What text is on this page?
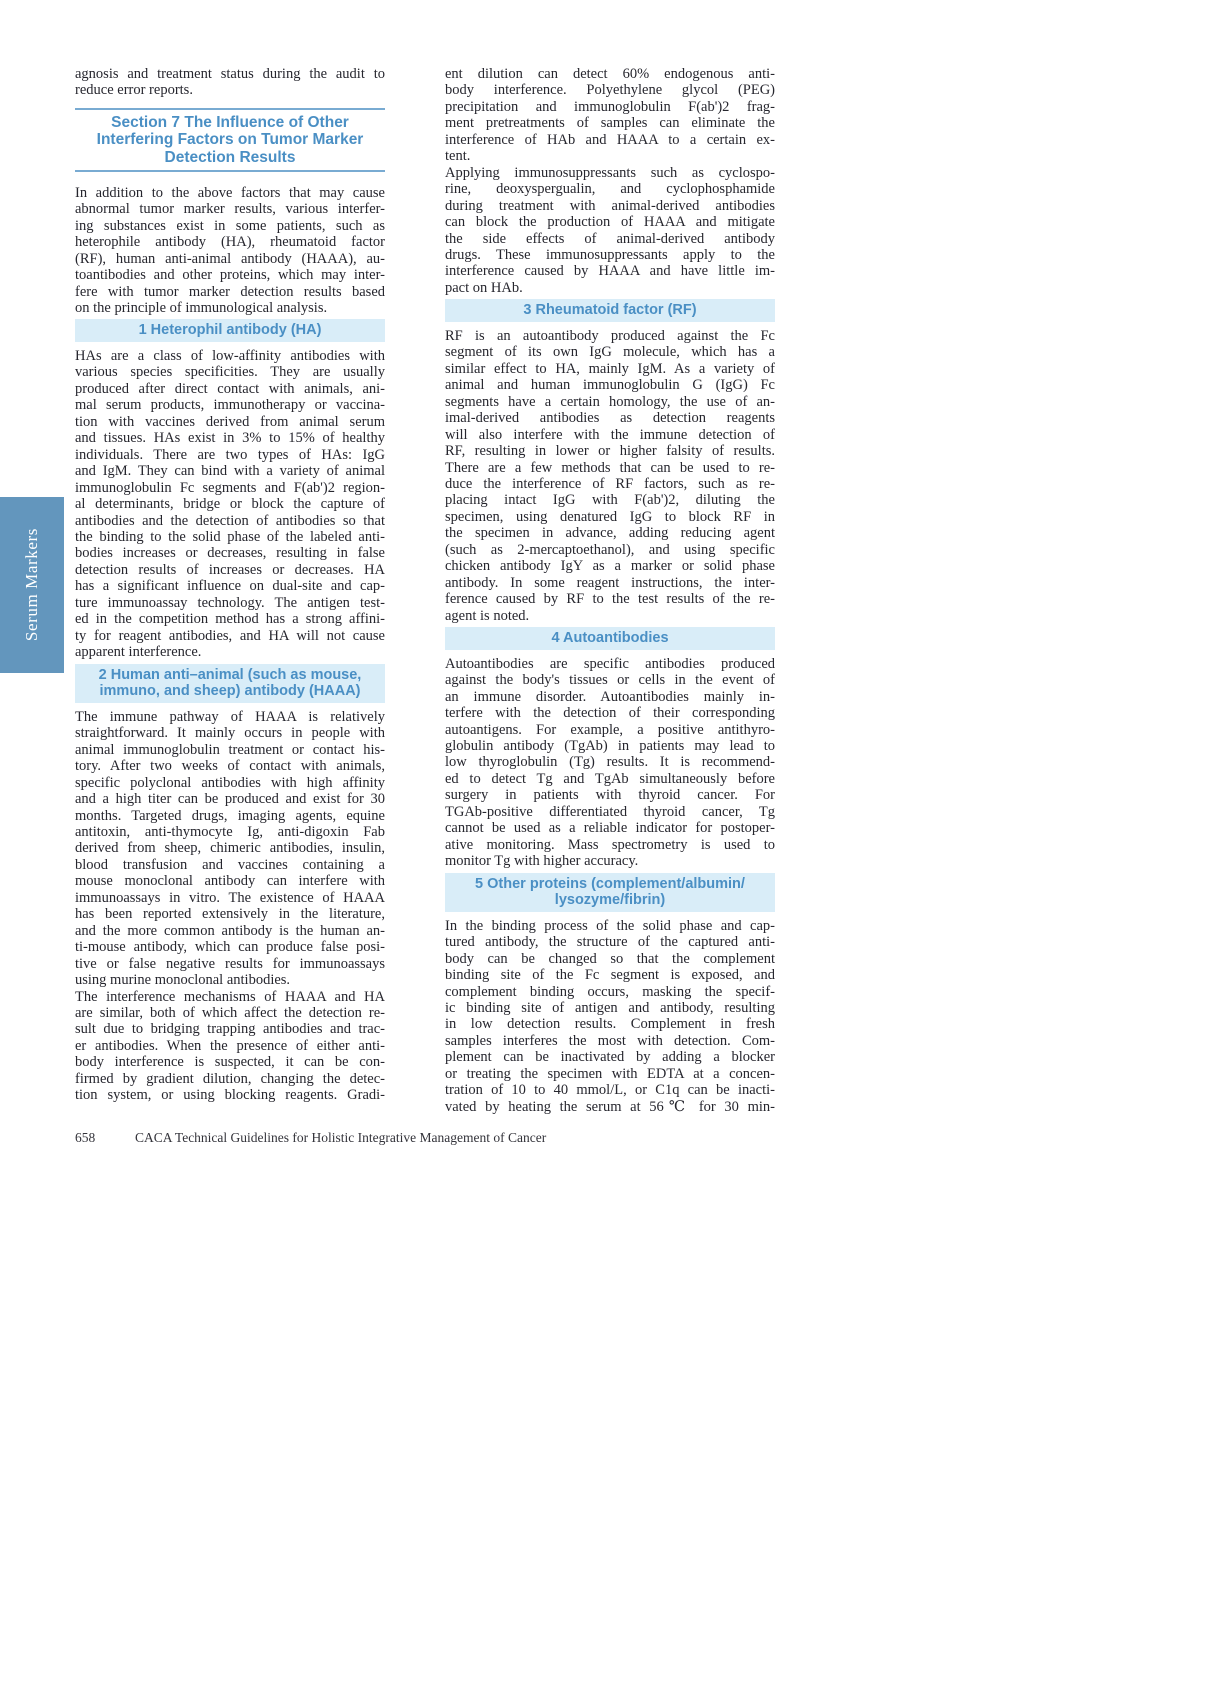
Serum Markers
agnosis and treatment status during the audit to
reduce error reports.
Section 7 The Influence of Other
Interfering Factors on Tumor Marker
Detection Results
In addition to the above factors that may cause
abnormal tumor marker results, various interfer-
ing substances exist in some patients, such as
heterophile antibody (HA), rheumatoid factor
(RF), human anti-animal antibody (HAAA), au-
toantibodies and other proteins, which may inter-
fere with tumor marker detection results based
on the principle of immunological analysis.
1 Heterophil antibody (HA)
HAs are a class of low-affinity antibodies with
various species specificities. They are usually
produced after direct contact with animals, ani-
mal serum products, immunotherapy or vaccina-
tion with vaccines derived from animal serum
and tissues. HAs exist in 3% to 15% of healthy
individuals. There are two types of HAs: IgG
and IgM. They can bind with a variety of animal
immunoglobulin Fc segments and F(ab')2 region-
al determinants, bridge or block the capture of
antibodies and the detection of antibodies so that
the binding to the solid phase of the labeled anti-
bodies increases or decreases, resulting in false
detection results of increases or decreases. HA
has a significant influence on dual-site and cap-
ture immunoassay technology. The antigen test-
ed in the competition method has a strong affini-
ty for reagent antibodies, and HA will not cause
apparent interference.
2 Human anti–animal (such as mouse,
immuno, and sheep) antibody (HAAA)
The immune pathway of HAAA is relatively
straightforward. It mainly occurs in people with
animal immunoglobulin treatment or contact his-
tory. After two weeks of contact with animals,
specific polyclonal antibodies with high affinity
and a high titer can be produced and exist for 30
months. Targeted drugs, imaging agents, equine
antitoxin, anti-thymocyte Ig, anti-digoxin Fab
derived from sheep, chimeric antibodies, insulin,
blood transfusion and vaccines containing a
mouse monoclonal antibody can interfere with
immunoassays in vitro. The existence of HAAA
has been reported extensively in the literature,
and the more common antibody is the human an-
ti-mouse antibody, which can produce false posi-
tive or false negative results for immunoassays
using murine monoclonal antibodies.
The interference mechanisms of HAAA and HA
are similar, both of which affect the detection re-
sult due to bridging trapping antibodies and trac-
er antibodies. When the presence of either anti-
body interference is suspected, it can be con-
firmed by gradient dilution, changing the detec-
tion system, or using blocking reagents. Gradi-
ent dilution can detect 60% endogenous anti-
body interference. Polyethylene glycol (PEG)
precipitation and immunoglobulin F(ab')2 frag-
ment pretreatments of samples can eliminate the
interference of HAb and HAAA to a certain ex-
tent.
Applying immunosuppressants such as cyclospo-
rine, deoxyspergualin, and cyclophosphamide
during treatment with animal-derived antibodies
can block the production of HAAA and mitigate
the side effects of animal-derived antibody
drugs. These immunosuppressants apply to the
interference caused by HAAA and have little im-
pact on HAb.
3 Rheumatoid factor (RF)
RF is an autoantibody produced against the Fc
segment of its own IgG molecule, which has a
similar effect to HA, mainly IgM. As a variety of
animal and human immunoglobulin G (IgG) Fc
segments have a certain homology, the use of an-
imal-derived antibodies as detection reagents
will also interfere with the immune detection of
RF, resulting in lower or higher falsity of results.
There are a few methods that can be used to re-
duce the interference of RF factors, such as re-
placing intact IgG with F(ab')2, diluting the
specimen, using denatured IgG to block RF in
the specimen in advance, adding reducing agent
(such as 2-mercaptoethanol), and using specific
chicken antibody IgY as a marker or solid phase
antibody. In some reagent instructions, the inter-
ference caused by RF to the test results of the re-
agent is noted.
4 Autoantibodies
Autoantibodies are specific antibodies produced
against the body's tissues or cells in the event of
an immune disorder. Autoantibodies mainly in-
terfere with the detection of their corresponding
autoantigens. For example, a positive antithyro-
globulin antibody (TgAb) in patients may lead to
low thyroglobulin (Tg) results. It is recommend-
ed to detect Tg and TgAb simultaneously before
surgery in patients with thyroid cancer. For
TGAb-positive differentiated thyroid cancer, Tg
cannot be used as a reliable indicator for postoper-
ative monitoring. Mass spectrometry is used to
monitor Tg with higher accuracy.
5 Other proteins (complement/albumin/
lysozyme/fibrin)
In the binding process of the solid phase and cap-
tured antibody, the structure of the captured anti-
body can be changed so that the complement
binding site of the Fc segment is exposed, and
complement binding occurs, masking the specif-
ic binding site of antigen and antibody, resulting
in low detection results. Complement in fresh
samples interferes the most with detection. Com-
plement can be inactivated by adding a blocker
or treating the specimen with EDTA at a concen-
tration of 10 to 40 mmol/L, or C1q can be inacti-
vated by heating the serum at 56℃ for 30 min-
658	CACA Technical Guidelines for Holistic Integrative Management of Cancer
